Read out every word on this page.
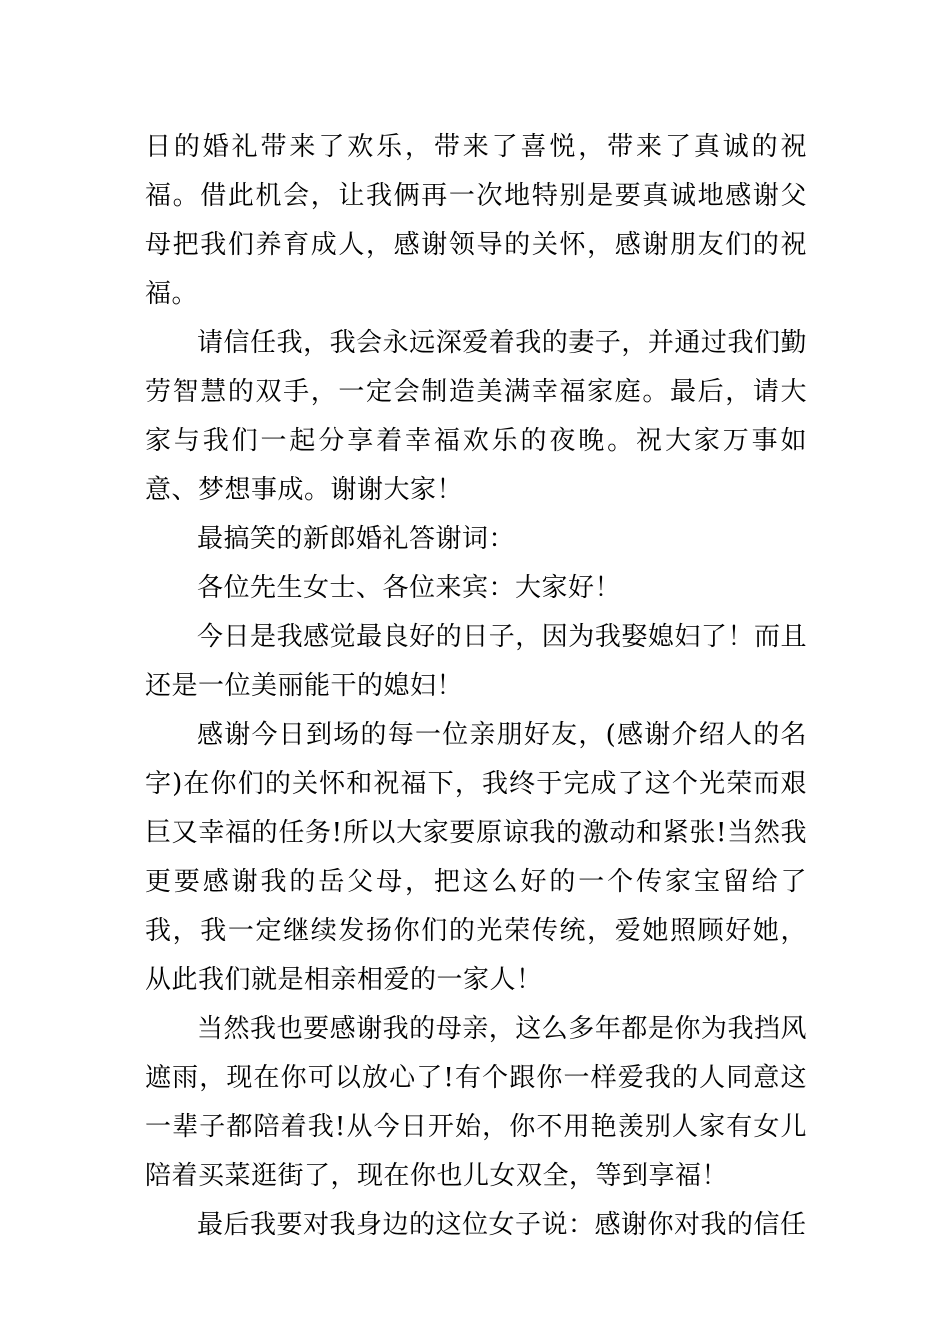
日的婚礼带来了欢乐，带来了喜悦，带来了真诚的祝福。借此机会，让我俩再一次地特别是要真诚地感谢父母把我们养育成人，感谢领导的关怀，感谢朋友们的祝福。

请信任我，我会永远深爱着我的妻子，并通过我们勤劳智慧的双手，一定会制造美满幸福家庭。最后，请大家与我们一起分享着幸福欢乐的夜晚。祝大家万事如意、梦想事成。谢谢大家！

最搞笑的新郎婚礼答谢词：

各位先生女士、各位来宾：大家好！

今日是我感觉最良好的日子，因为我娶媳妇了！而且还是一位美丽能干的媳妇！

感谢今日到场的每一位亲朋好友，(感谢介绍人的名字)在你们的关怀和祝福下，我终于完成了这个光荣而艰巨又幸福的任务!所以大家要原谅我的激动和紧张!当然我更要感谢我的岳父母，把这么好的一个传家宝留给了我，我一定继续发扬你们的光荣传统，爱她照顾好她，从此我们就是相亲相爱的一家人！

当然我也要感谢我的母亲，这么多年都是你为我挡风遮雨，现在你可以放心了!有个跟你一样爱我的人同意这一辈子都陪着我!从今日开始，你不用艳羡别人家有女儿陪着买菜逛街了，现在你也儿女双全，等到享福！

最后我要对我身边的这位女子说：感谢你对我的信任
